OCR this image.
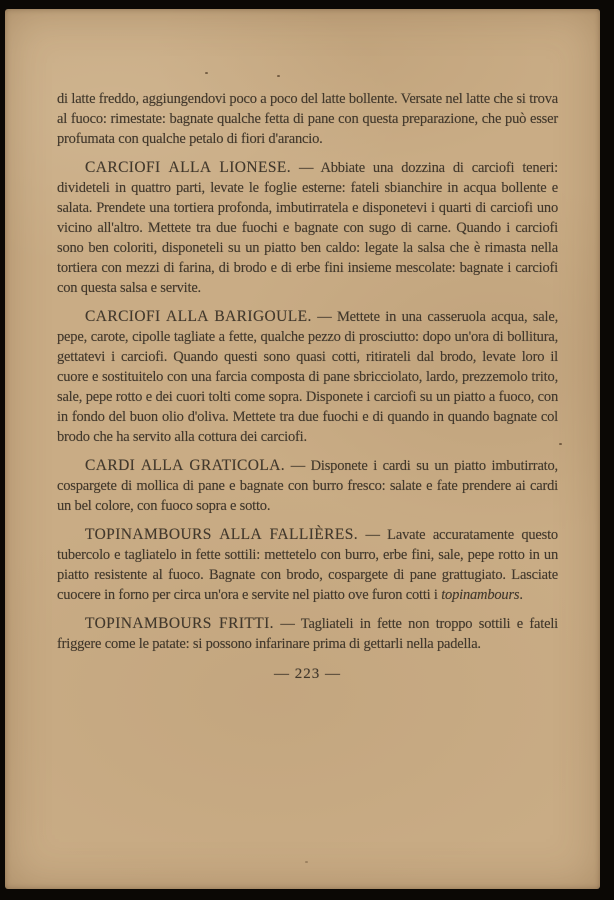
di latte freddo, aggiungendovi poco a poco del latte bollente. Versate nel latte che si trova al fuoco: rimestate: bagnate qualche fetta di pane con questa preparazione, che può esser profumata con qualche petalo di fiori d'arancio.

CARCIOFI ALLA LIONESE. — Abbiate una dozzina di carciofi teneri: divideteli in quattro parti, levate le foglie esterne: fateli sbianchire in acqua bollente e salata. Prendete una tortiera profonda, imbutirratela e disponetevi i quarti di carciofi uno vicino all'altro. Mettete tra due fuochi e bagnate con sugo di carne. Quando i carciofi sono ben coloriti, disponeteli su un piatto ben caldo: legate la salsa che è rimasta nella tortiera con mezzi di farina, di brodo e di erbe fini insieme mescolate: bagnate i carciofi con questa salsa e servite.

CARCIOFI ALLA BARIGOULE. — Mettete in una casseruola acqua, sale, pepe, carote, cipolle tagliate a fette, qualche pezzo di prosciutto: dopo un'ora di bollitura, gettatevi i carciofi. Quando questi sono quasi cotti, ritirateli dal brodo, levate loro il cuore e sostituitelo con una farcia composta di pane sbricciolato, lardo, prezzemolo trito, sale, pepe rotto e dei cuori tolti come sopra. Disponete i carciofi su un piatto a fuoco, con in fondo del buon olio d'oliva. Mettete tra due fuochi e di quando in quando bagnate col brodo che ha servito alla cottura dei carciofi.

CARDI ALLA GRATICOLA. — Disponete i cardi su un piatto imbutirrato, cospargete di mollica di pane e bagnate con burro fresco: salate e fate prendere ai cardi un bel colore, con fuoco sopra e sotto.

TOPINAMBOURS ALLA FALLIÈRES. — Lavate accuratamente questo tubercolo e tagliatelo in fette sottili: mettetelo con burro, erbe fini, sale, pepe rotto in un piatto resistente al fuoco. Bagnate con brodo, cospargete di pane grattugiato. Lasciate cuocere in forno per circa un'ora e servite nel piatto ove furon cotti i topinambours.

TOPINAMBOURS FRITTI. — Tagliateli in fette non troppo sottili e fateli friggere come le patate: si possono infarinare prima di gettarli nella padella.

— 223 —
